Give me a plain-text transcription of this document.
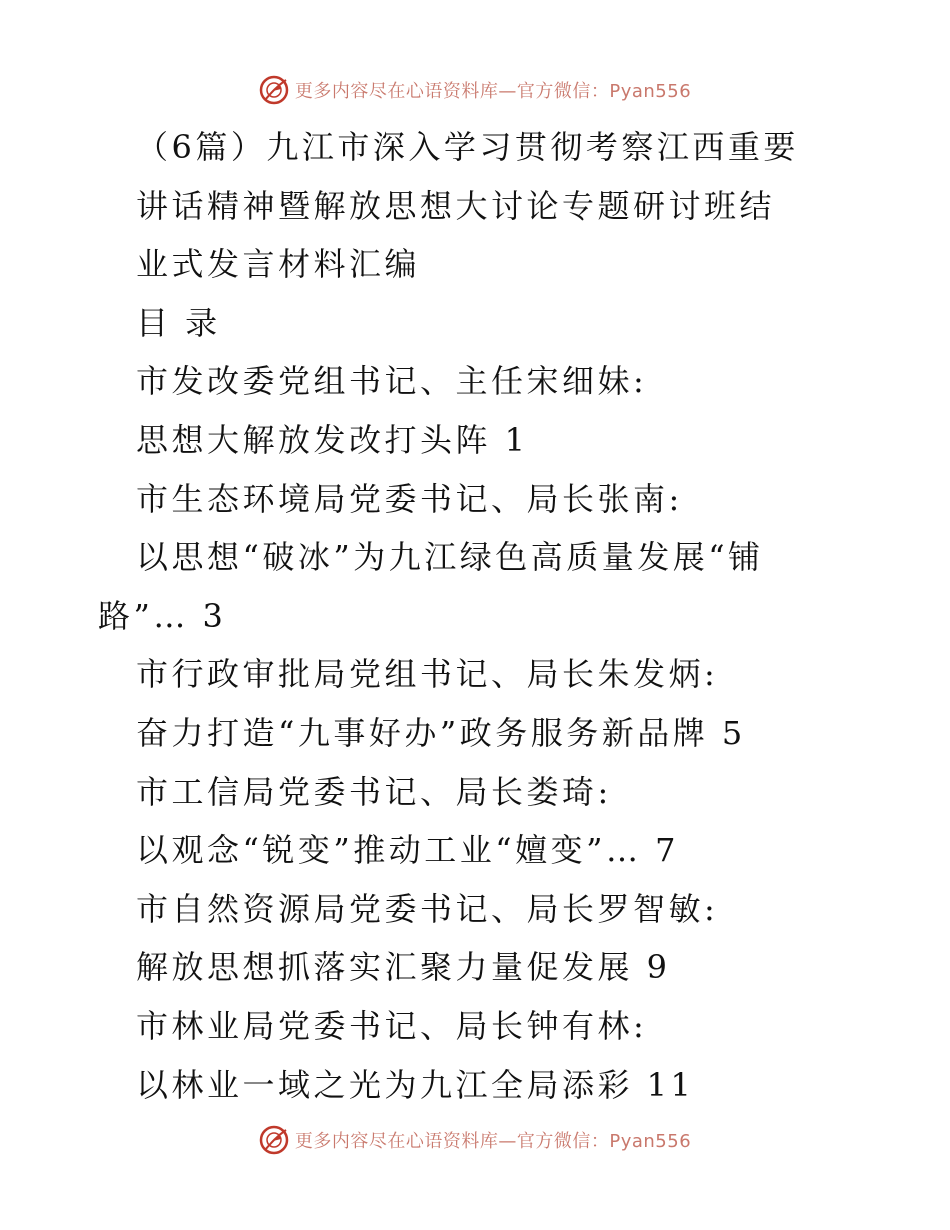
更多内容尽在心语资料库—官方微信：Pyan556
（6篇）九江市深入学习贯彻考察江西重要
讲话精神暨解放思想大讨论专题研讨班结
业式发言材料汇编
目 录
市发改委党组书记、主任宋细妹:
思想大解放发改打头阵 1
市生态环境局党委书记、局长张南:
以思想“破冰”为九江绿色高质量发展“铺
路”… 3
市行政审批局党组书记、局长朱发炳:
奋力打造“九事好办”政务服务新品牌 5
市工信局党委书记、局长娄琦:
以观念“锐变”推动工业“嬗变”… 7
市自然资源局党委书记、局长罗智敏:
解放思想抓落实汇聚力量促发展 9
市林业局党委书记、局长钟有林:
以林业一域之光为九江全局添彩 11
更多内容尽在心语资料库—官方微信：Pyan556
